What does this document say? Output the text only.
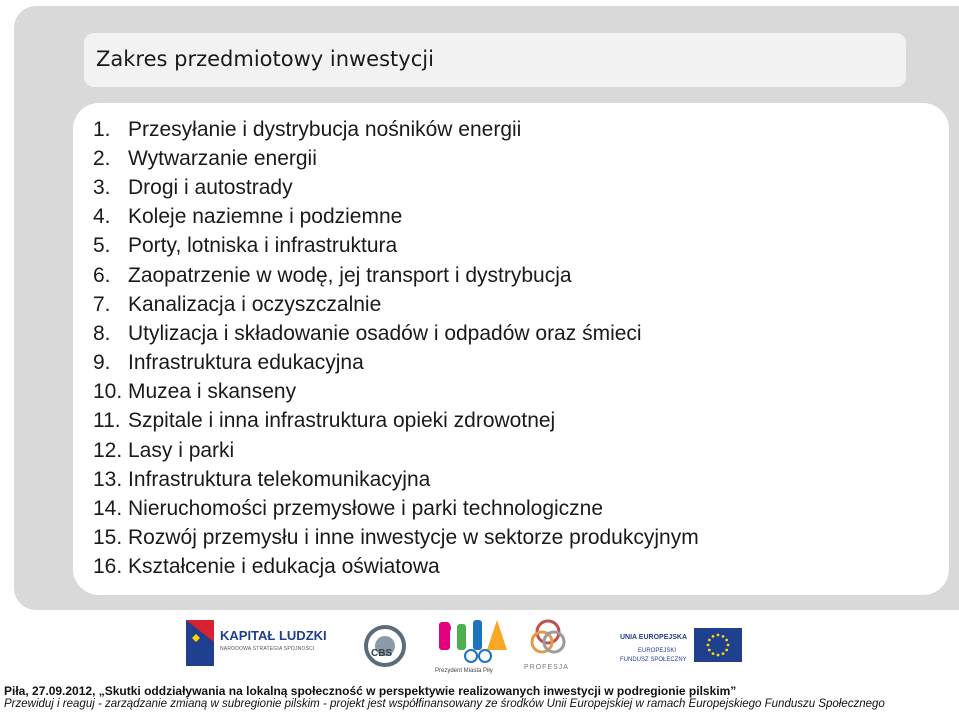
Zakres przedmiotowy inwestycji
1. Przesyłanie i dystrybucja nośników energii
2. Wytwarzanie energii
3. Drogi i autostrady
4. Koleje naziemne i podziemne
5. Porty, lotniska i infrastruktura
6. Zaopatrzenie w wodę, jej transport i dystrybucja
7. Kanalizacja i oczyszczalnie
8. Utylizacja i składowanie osadów i odpadów oraz śmieci
9. Infrastruktura edukacyjna
10. Muzea i skanseny
11. Szpitale i inna infrastruktura opieki zdrowotnej
12. Lasy i parki
13. Infrastruktura telekomunikacyjna
14. Nieruchomości przemysłowe i parki technologiczne
15. Rozwój przemysłu i inne inwestycje w sektorze produkcyjnym
16. Kształcenie i edukacja oświatowa
KAPITAŁ LUDZKI
NARODOWA STRATEGIA SPÓJNOŚCI	CBS
Prezydent Miasta Piły	PROFESJA
UNIA EUROPEJSKA
EUROPEJSKI
FUNDUSZ SPOŁECZNY
Piła, 27.09.2012, „Skutki oddziaływania na lokalną społeczność w perspektywie realizowanych inwestycji w podregionie pilskim”
Przewiduj i reaguj - zarządzanie zmianą w subregionie pilskim - projekt jest współfinansowany ze środków Unii Europejskiej w ramach Europejskiego Funduszu Społecznego
